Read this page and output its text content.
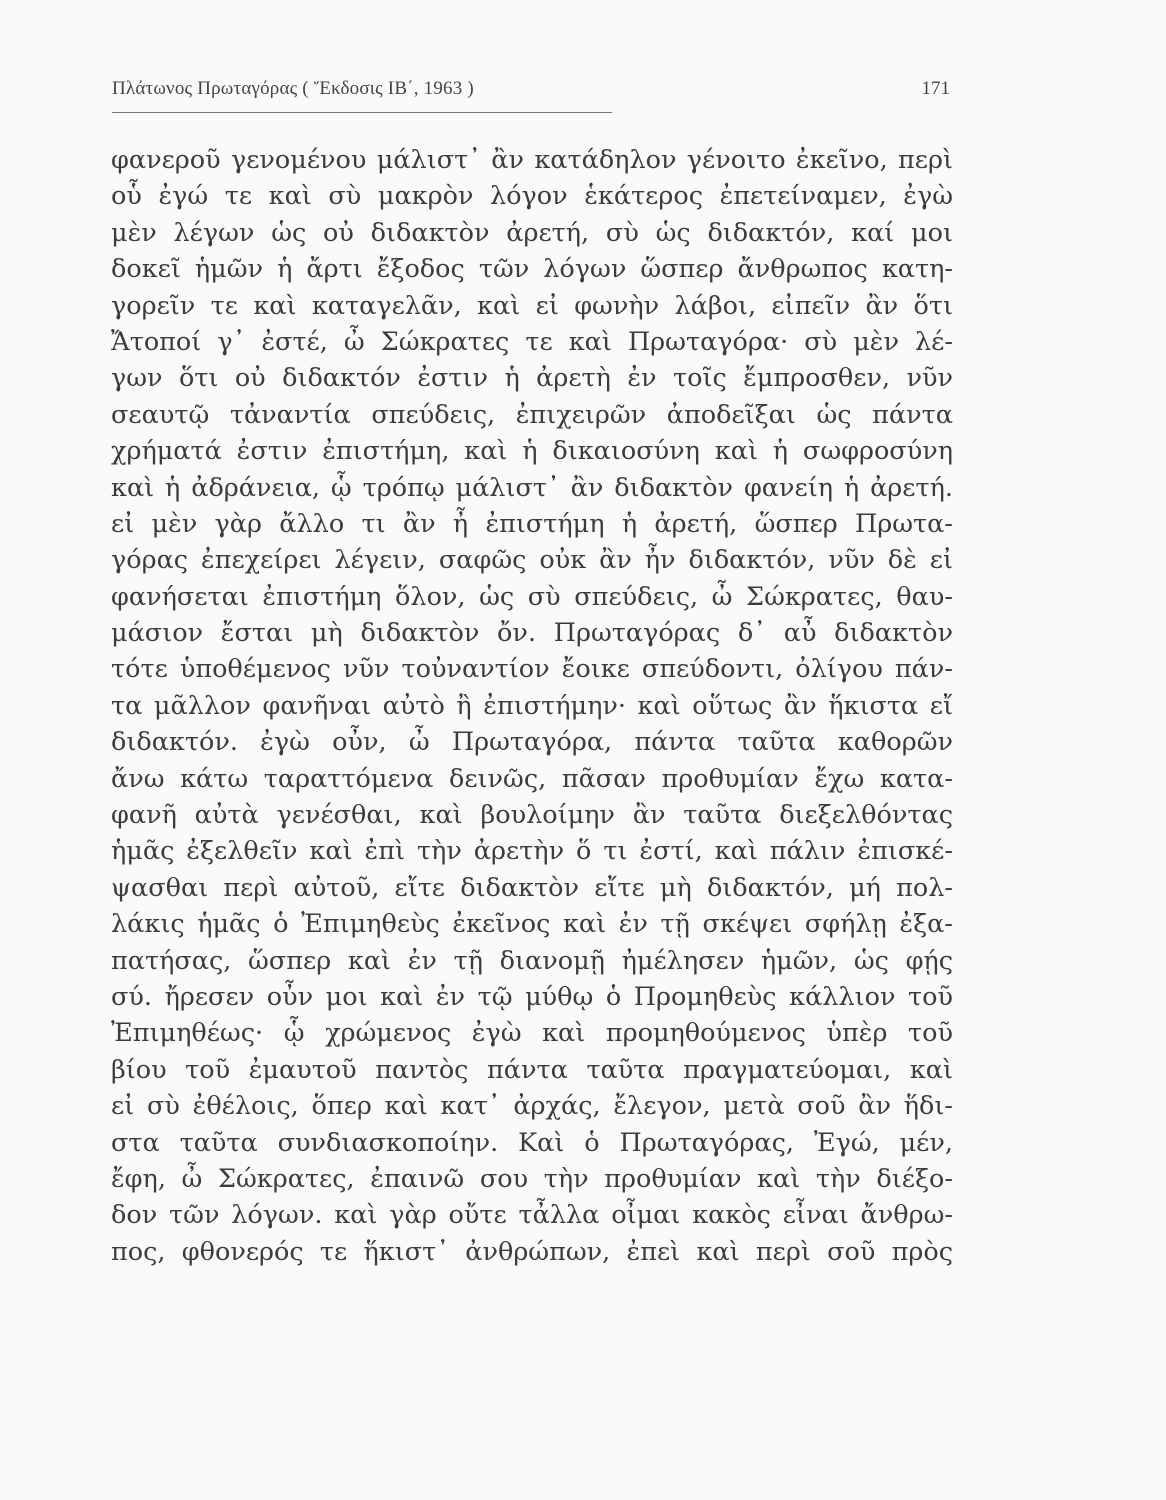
Πλάτωνος Πρωταγόρας ( Ἔκδοσις ΙΒ΄, 1963 )	171
φανεροῦ γενομένου μάλιστ᾽ ἂν κατάδηλον γένοιτο ἐκεῖνο, περὶ
οὗ ἐγώ τε καὶ σὺ μακρὸν λόγον ἑκάτερος ἐπετείναμεν, ἐγὼ
μὲν λέγων ὡς οὐ διδακτὸν ἀρετή, σὺ ὡς διδακτόν, καί μοι
δοκεῖ ἡμῶν ἡ ἄρτι ἔξοδος τῶν λόγων ὥσπερ ἄνθρωπος κατη-
γορεῖν τε καὶ καταγελᾶν, καὶ εἰ φωνὴν λάβοι, εἰπεῖν ἂν ὅτι
Ἄτοποί γ᾽ ἐστέ, ὦ Σώκρατες τε καὶ Πρωταγόρα· σὺ μὲν λέ-
γων ὅτι οὐ διδακτόν ἐστιν ἡ ἀρετὴ ἐν τοῖς ἔμπροσθεν, νῦν
σεαυτῷ τἀναντία σπεύδεις, ἐπιχειρῶν ἀποδεῖξαι ὡς πάντα
χρήματά ἐστιν ἐπιστήμη, καὶ ἡ δικαιοσύνη καὶ ἡ σωφροσύνη
καὶ ἡ ἀδράνεια, ᾧ τρόπῳ μάλιστ᾽ ἂν διδακτὸν φανείη ἡ ἀρετή.
εἰ μὲν γὰρ ἄλλο τι ἂν ἦ ἐπιστήμη ἡ ἀρετή, ὥσπερ Πρωτα-
γόρας ἐπεχείρει λέγειν, σαφῶς οὐκ ἂν ἦν διδακτόν, νῦν δὲ εἰ
φανήσεται ἐπιστήμη ὅλον, ὡς σὺ σπεύδεις, ὦ Σώκρατες, θαυ-
μάσιον ἔσται μὴ διδακτὸν ὄν. Πρωταγόρας δ᾽ αὖ διδακτὸν
τότε ὑποθέμενος νῦν τοὐναντίον ἔοικε σπεύδοντι, ὀλίγου πάν-
τα μᾶλλον φανῆναι αὐτὸ ἢ ἐπιστήμην· καὶ οὕτως ἂν ἥκιστα εἴ
διδακτόν. ἐγὼ οὖν, ὦ Πρωταγόρα, πάντα ταῦτα καθορῶν
ἄνω κάτω ταραττόμενα δεινῶς, πᾶσαν προθυμίαν ἔχω κατα-
φανῆ αὐτὰ γενέσθαι, καὶ βουλοίμην ἂν ταῦτα διεξελθόντας
ἡμᾶς ἐξελθεῖν καὶ ἐπὶ τὴν ἀρετὴν ὅ τι ἐστί, καὶ πάλιν ἐπισκέ-
ψασθαι περὶ αὐτοῦ, εἴτε διδακτὸν εἴτε μὴ διδακτόν, μή πολ-
λάκις ἡμᾶς ὁ Ἐπιμηθεὺς ἐκεῖνος καὶ ἐν τῇ σκέψει σφήλῃ ἐξα-
πατήσας, ὥσπερ καὶ ἐν τῇ διανομῇ ἠμέλησεν ἡμῶν, ὡς φῄς
σύ. ἤρεσεν οὖν μοι καὶ ἐν τῷ μύθῳ ὁ Προμηθεὺς κάλλιον τοῦ
Ἐπιμηθέως· ᾧ χρώμενος ἐγὼ καὶ προμηθούμενος ὑπὲρ τοῦ
βίου τοῦ ἐμαυτοῦ παντὸς πάντα ταῦτα πραγματεύομαι, καὶ
εἰ σὺ ἐθέλοις, ὅπερ καὶ κατ᾽ ἀρχάς, ἔλεγον, μετὰ σοῦ ἂν ἥδι-
στα ταῦτα συνδιασκοποίην. Καὶ ὁ Πρωταγόρας, Ἐγώ, μέν,
ἔφη, ὦ Σώκρατες, ἐπαινῶ σου τὴν προθυμίαν καὶ τὴν διέξο-
δον τῶν λόγων. καὶ γὰρ οὔτε τἆλλα οἶμαι κακὸς εἶναι ἄνθρω-
πος, φθονερός τε ἥκιστ᾽ ἀνθρώπων, ἐπεὶ καὶ περὶ σοῦ πρὸς
